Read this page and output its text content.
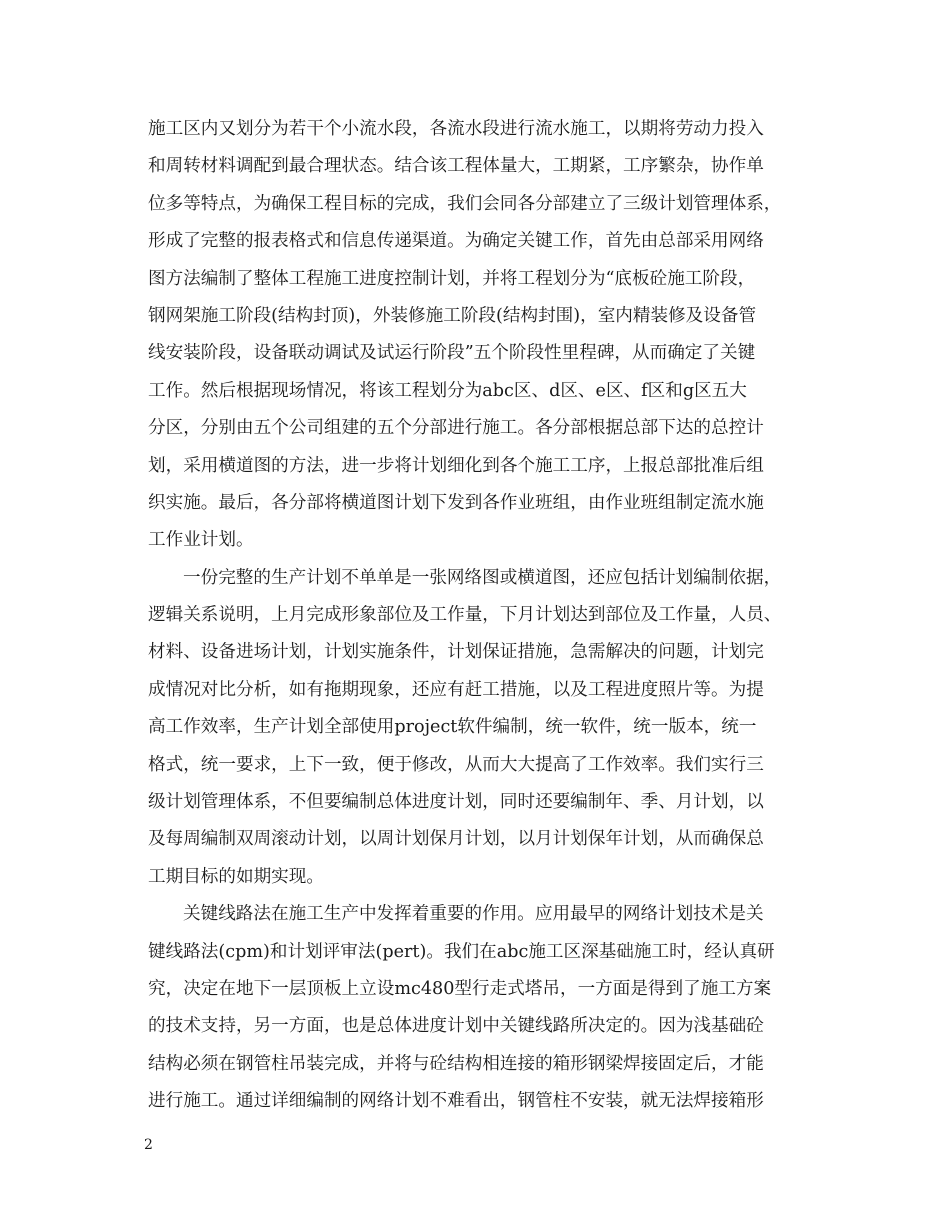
施工区内又划分为若干个小流水段，各流水段进行流水施工，以期将劳动力投入
和周转材料调配到最合理状态。结合该工程体量大，工期紧，工序繁杂，协作单
位多等特点，为确保工程目标的完成，我们会同各分部建立了三级计划管理体系，
形成了完整的报表格式和信息传递渠道。为确定关键工作，首先由总部采用网络
图方法编制了整体工程施工进度控制计划，并将工程划分为“底板砼施工阶段，
钢网架施工阶段(结构封顶)，外装修施工阶段(结构封围)，室内精装修及设备管
线安装阶段，设备联动调试及试运行阶段”五个阶段性里程碑，从而确定了关键
工作。然后根据现场情况，将该工程划分为abc区、d区、e区、f区和g区五大
分区，分别由五个公司组建的五个分部进行施工。各分部根据总部下达的总控计
划，采用横道图的方法，进一步将计划细化到各个施工工序，上报总部批准后组
织实施。最后，各分部将横道图计划下发到各作业班组，由作业班组制定流水施
工作业计划。
一份完整的生产计划不单单是一张网络图或横道图，还应包括计划编制依据，
逻辑关系说明，上月完成形象部位及工作量，下月计划达到部位及工作量，人员、
材料、设备进场计划，计划实施条件，计划保证措施，急需解决的问题，计划完
成情况对比分析，如有拖期现象，还应有赶工措施，以及工程进度照片等。为提
高工作效率，生产计划全部使用project软件编制，统一软件，统一版本，统一
格式，统一要求，上下一致，便于修改，从而大大提高了工作效率。我们实行三
级计划管理体系，不但要编制总体进度计划，同时还要编制年、季、月计划，以
及每周编制双周滚动计划，以周计划保月计划，以月计划保年计划，从而确保总
工期目标的如期实现。
关键线路法在施工生产中发挥着重要的作用。应用最早的网络计划技术是关
键线路法(cpm)和计划评审法(pert)。我们在abc施工区深基础施工时，经认真研
究，决定在地下一层顶板上立设mc480型行走式塔吊，一方面是得到了施工方案
的技术支持，另一方面，也是总体进度计划中关键线路所决定的。因为浅基础砼
结构必须在钢管柱吊装完成，并将与砼结构相连接的箱形钢梁焊接固定后，才能
进行施工。通过详细编制的网络计划不难看出，钢管柱不安装，就无法焊接箱形
2
